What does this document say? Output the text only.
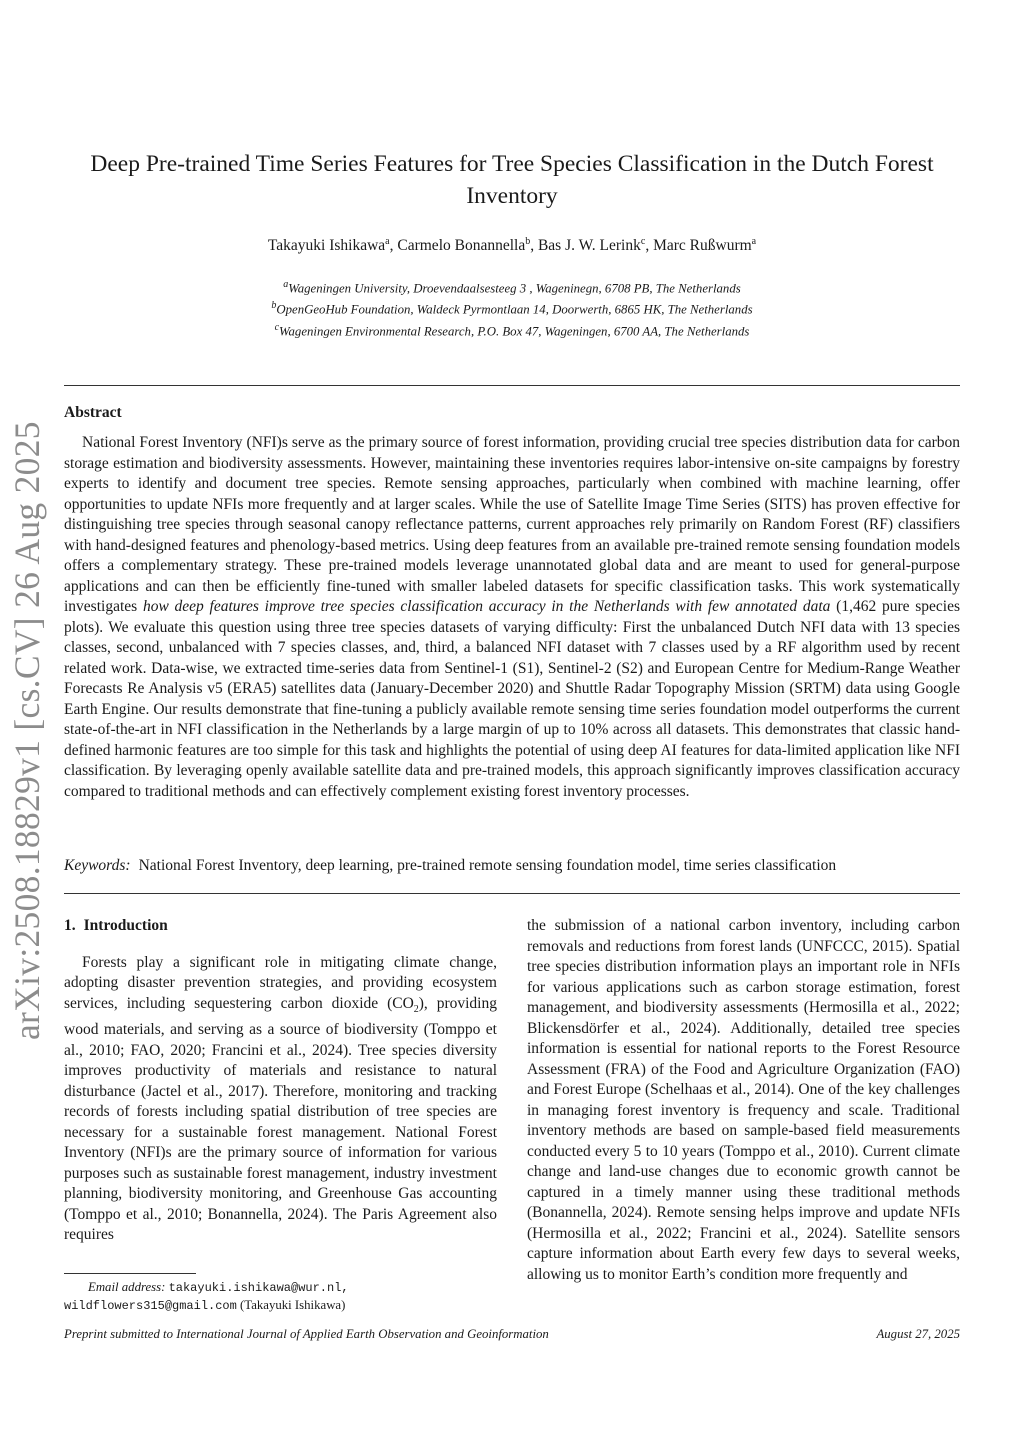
arXiv:2508.18829v1 [cs.CV] 26 Aug 2025
Deep Pre-trained Time Series Features for Tree Species Classification in the Dutch Forest Inventory
Takayuki Ishikawa$^a$, Carmelo Bonannella$^b$, Bas J. W. Lerink$^c$, Marc Rußwurm$^a$
$^a$Wageningen University, Droevendaalsesteeg 3 , Wageninegn, 6708 PB, The Netherlands
$^b$OpenGeoHub Foundation, Waldeck Pyrmontlaan 14, Doorwerth, 6865 HK, The Netherlands
$^c$Wageningen Environmental Research, P.O. Box 47, Wageningen, 6700 AA, The Netherlands
Abstract
National Forest Inventory (NFI)s serve as the primary source of forest information, providing crucial tree species distribution data for carbon storage estimation and biodiversity assessments. However, maintaining these inventories requires labor-intensive on-site campaigns by forestry experts to identify and document tree species. Remote sensing approaches, particularly when combined with machine learning, offer opportunities to update NFIs more frequently and at larger scales. While the use of Satellite Image Time Series (SITS) has proven effective for distinguishing tree species through seasonal canopy reflectance patterns, current approaches rely primarily on Random Forest (RF) classifiers with hand-designed features and phenology-based metrics. Using deep features from an available pre-trained remote sensing foundation models offers a complementary strategy. These pre-trained models leverage unannotated global data and are meant to used for general-purpose applications and can then be efficiently fine-tuned with smaller labeled datasets for specific classification tasks. This work systematically investigates how deep features improve tree species classification accuracy in the Netherlands with few annotated data (1,462 pure species plots). We evaluate this question using three tree species datasets of varying difficulty: First the unbalanced Dutch NFI data with 13 species classes, second, unbalanced with 7 species classes, and, third, a balanced NFI dataset with 7 classes used by a RF algorithm used by recent related work. Data-wise, we extracted time-series data from Sentinel-1 (S1), Sentinel-2 (S2) and European Centre for Medium-Range Weather Forecasts Re Analysis v5 (ERA5) satellites data (January-December 2020) and Shuttle Radar Topography Mission (SRTM) data using Google Earth Engine. Our results demonstrate that fine-tuning a publicly available remote sensing time series foundation model outperforms the current state-of-the-art in NFI classification in the Netherlands by a large margin of up to 10% across all datasets. This demonstrates that classic hand-defined harmonic features are too simple for this task and highlights the potential of using deep AI features for data-limited application like NFI classification. By leveraging openly available satellite data and pre-trained models, this approach significantly improves classification accuracy compared to traditional methods and can effectively complement existing forest inventory processes.
Keywords: National Forest Inventory, deep learning, pre-trained remote sensing foundation model, time series classification
1. Introduction

Forests play a significant role in mitigating climate change, adopting disaster prevention strategies, and providing ecosystem services, including sequestering carbon dioxide $(CO_2)$, providing wood materials, and serving as a source of biodiversity (Tomppo et al., 2010; FAO, 2020; Francini et al., 2024). Tree species diversity improves productivity of materials and resistance to natural disturbance (Jactel et al., 2017). Therefore, monitoring and tracking records of forests including spatial distribution of tree species are necessary for a sustainable forest management. National Forest Inventory (NFI)s are the primary source of information for various purposes such as sustainable forest management, industry investment planning, biodiversity monitoring, and Greenhouse Gas accounting (Tomppo et al., 2010; Bonannella, 2024). The Paris Agreement also requires

the submission of a national carbon inventory, including carbon removals and reductions from forest lands (UNFCCC, 2015). Spatial tree species distribution information plays an important role in NFIs for various applications such as carbon storage estimation, forest management, and biodiversity assessments (Hermosilla et al., 2022; Blickensdörfer et al., 2024). Additionally, detailed tree species information is essential for national reports to the Forest Resource Assessment (FRA) of the Food and Agriculture Organization (FAO) and Forest Europe (Schelhaas et al., 2014). One of the key challenges in managing forest inventory is frequency and scale. Traditional inventory methods are based on sample-based field measurements conducted every 5 to 10 years (Tomppo et al., 2010). Current climate change and land-use changes due to economic growth cannot be captured in a timely manner using these traditional methods (Bonannella, 2024). Remote sensing helps improve and update NFIs (Hermosilla et al., 2022; Francini et al., 2024). Satellite sensors capture information about Earth every few days to several weeks, allowing us to monitor Earth’s condition more frequently and

Email address: takayuki.ishikawa@wur.nl,
wildflowers315@gmail.com (Takayuki Ishikawa)
Preprint submitted to International Journal of Applied Earth Observation and Geoinformation	August 27, 2025
